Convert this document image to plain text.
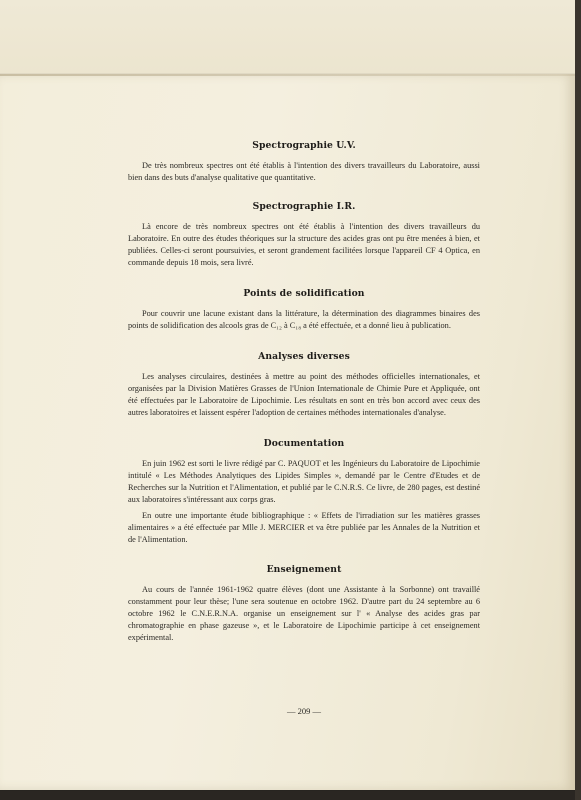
Spectrographie U.V.

De très nombreux spectres ont été établis à l'intention des divers travailleurs du Laboratoire, aussi bien dans des buts d'analyse qualitative que quantitative.

Spectrographie I.R.

Là encore de très nombreux spectres ont été établis à l'intention des divers travailleurs du Laboratoire. En outre des études théoriques sur la structure des acides gras ont pu être menées à bien, et publiées. Celles-ci seront poursuivies, et seront grandement facilitées lorsque l'appareil CF 4 Optica, en commande depuis 18 mois, sera livré.

Points de solidification

Pour couvrir une lacune existant dans la littérature, la détermination des diagrammes binaires des points de solidification des alcools gras de C₁₂ à C₁₈ a été effectuée, et a donné lieu à publication.

Analyses diverses

Les analyses circulaires, destinées à mettre au point des méthodes officielles internationales, et organisées par la Division Matières Grasses de l'Union Internationale de Chimie Pure et Appliquée, ont été effectuées par le Laboratoire de Lipochimie. Les résultats en sont en très bon accord avec ceux des autres laboratoires et laissent espérer l'adoption de certaines méthodes internationales d'analyse.

Documentation

En juin 1962 est sorti le livre rédigé par C. PAQUOT et les Ingénieurs du Laboratoire de Lipochimie intitulé « Les Méthodes Analytiques des Lipides Simples », demandé par le Centre d'Etudes et de Recherches sur la Nutrition et l'Alimentation, et publié par le C.N.R.S. Ce livre, de 280 pages, est destiné aux laboratoires s'intéressant aux corps gras.

En outre une importante étude bibliographique : « Effets de l'irradiation sur les matières grasses alimentaires » a été effectuée par Mlle J. MERCIER et va être publiée par les Annales de la Nutrition et de l'Alimentation.

Enseignement

Au cours de l'année 1961-1962 quatre élèves (dont une Assistante à la Sorbonne) ont travaillé constamment pour leur thèse; l'une sera soutenue en octobre 1962. D'autre part du 24 septembre au 6 octobre 1962 le C.N.E.R.N.A. organise un enseignement sur l' « Analyse des acides gras par chromatographie en phase gazeuse », et le Laboratoire de Lipochimie participe à cet enseignement expérimental.

— 209 —
